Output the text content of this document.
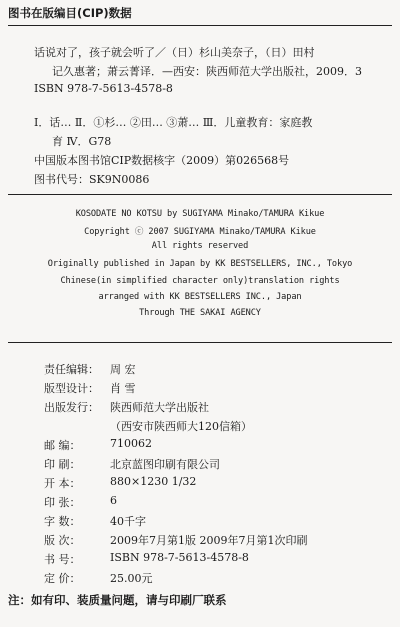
图书在版编目(CIP)数据
话说对了，孩子就会听了／（日）杉山美奈子，（日）田村
记久惠著；萧云菁译．—西安：陕西师范大学出版社，2009．3
ISBN 978-7-5613-4578-8
Ⅰ．话… Ⅱ．①杉… ②田… ③萧… Ⅲ．儿童教育：家庭教
育 Ⅳ．G78
中国版本图书馆CIP数据核字（2009）第026568号
图书代号：SK9N0086
KOSODATE NO KOTSU by SUGIYAMA Minako/TAMURA Kikue
Copyright ⓒ 2007 SUGIYAMA Minako/TAMURA Kikue
All rights reserved
Originally published in Japan by KK BESTSELLERS, INC., Tokyo
Chinese(in simplified character only)translation rights
arranged with KK BESTSELLERS INC., Japan
Through THE SAKAI AGENCY
责任编辑： 周 宏
版型设计： 肖 雪
出版发行： 陕西师范大学出版社
（西安市陕西师大120信箱）
邮 编：	710062
印 刷：	北京蓝图印刷有限公司
开 本：	880×1230 1/32
印 张：	6
字 数：	40千字
版 次：	2009年7月第1版 2009年7月第1次印刷
书 号：	ISBN 978-7-5613-4578-8
定 价：	25.00元
注：如有印、装质量问题，请与印刷厂联系
